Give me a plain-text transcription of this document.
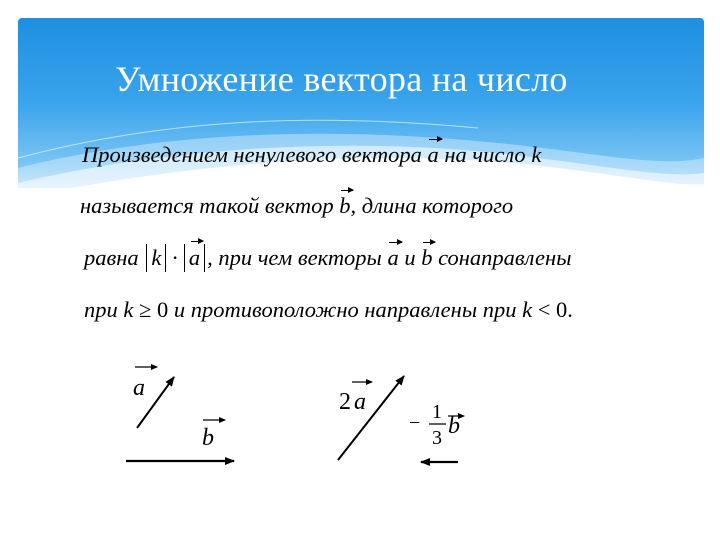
Умножение вектора на число
Произведением ненулевого вектора a на число k
называется такой вектор b, длина которого
равна k · a , при чем векторы a и b сонаправлены
при k ≥ 0 и противоположно направлены при k < 0.
a
b
2 a
− 1
3 b
